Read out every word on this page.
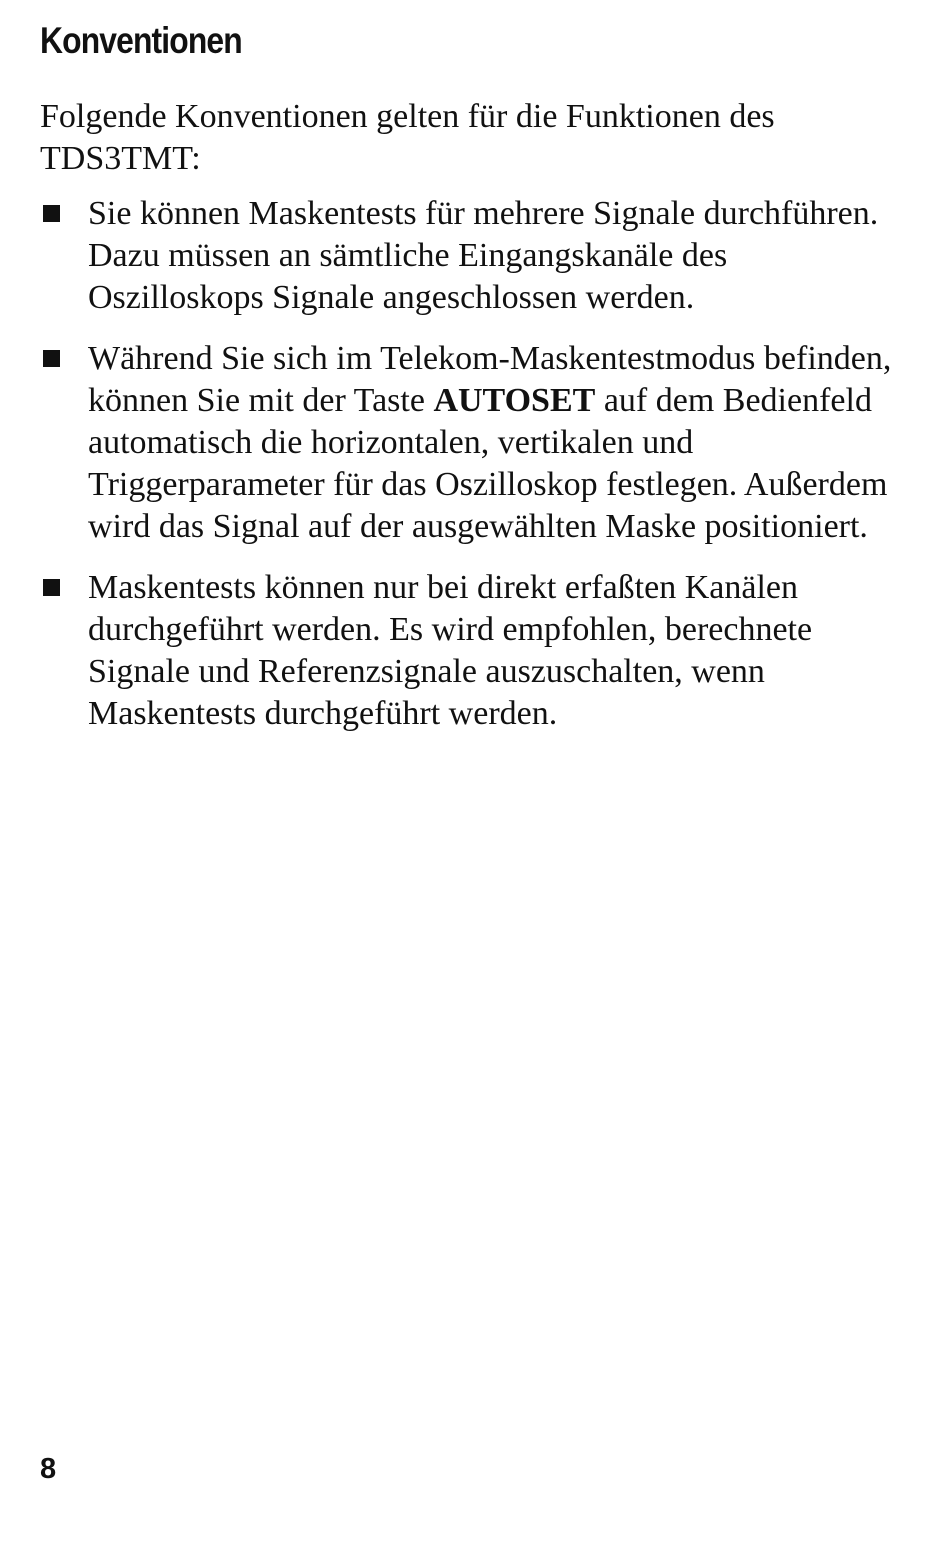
Konventionen

Folgende Konventionen gelten für die Funktionen des TDS3TMT:

Sie können Maskentests für mehrere Signale durchführen. Dazu müssen an sämtliche Eingangskanäle des Oszilloskops Signale angeschlossen werden.
Während Sie sich im Telekom-Maskentestmodus befinden, können Sie mit der Taste AUTOSET auf dem Bedienfeld automatisch die horizontalen, vertikalen und Triggerparameter für das Oszilloskop festlegen. Außerdem wird das Signal auf der ausgewählten Maske positioniert.
Maskentests können nur bei direkt erfaßten Kanälen durchgeführt werden. Es wird empfohlen, berechnete Signale und Referenzsignale auszuschalten, wenn Maskentests durchgeführt werden.

8
